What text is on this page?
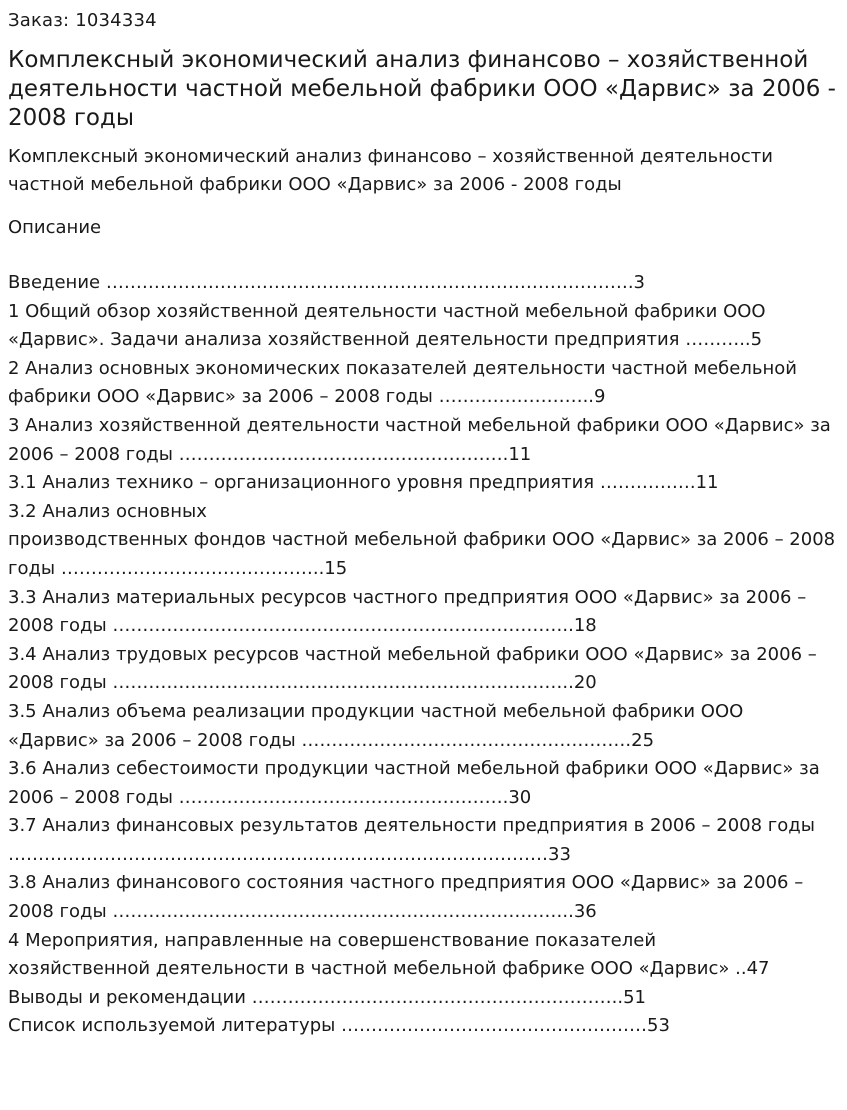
Заказ: 1034334
Комплексный экономический анализ финансово – хозяйственной деятельности частной мебельной фабрики ООО «Дарвис» за 2006 - 2008 годы
Комплексный экономический анализ финансово – хозяйственной деятельности частной мебельной фабрики ООО «Дарвис» за 2006 - 2008 годы
Описание
Введение …………………………………………………………………………….3
1 Общий обзор хозяйственной деятельности частной мебельной фабрики ООО «Дарвис». Задачи анализа хозяйственной деятельности предприятия ………..5
2 Анализ основных экономических показателей деятельности частной мебельной фабрики ООО «Дарвис» за 2006 – 2008 годы ……………………..9
3 Анализ хозяйственной деятельности частной мебельной фабрики ООО «Дарвис» за 2006 – 2008 годы ……………………………………………….11
3.1 Анализ технико – организационного уровня предприятия …………….11
3.2 Анализ основных
производственных фондов частной мебельной фабрики ООО «Дарвис» за 2006 – 2008 годы ……………………………………..15
3.3 Анализ материальных ресурсов частного предприятия ООО «Дарвис» за 2006 – 2008 годы …………………………………………………………………..18
3.4 Анализ трудовых ресурсов частной мебельной фабрики ООО «Дарвис» за 2006 – 2008 годы …………………………………………………………………..20
3.5 Анализ объема реализации продукции частной мебельной фабрики ООО «Дарвис» за 2006 – 2008 годы ……………………………………………….25
3.6 Анализ себестоимости продукции частной мебельной фабрики ООО «Дарвис» за 2006 – 2008 годы ……………………………………………….30
3.7 Анализ финансовых результатов деятельности предприятия в 2006 – 2008 годы ………………………………………………………………………………33
3.8 Анализ финансового состояния частного предприятия ООО «Дарвис» за 2006 – 2008 годы …………………………………………………………………..36
4 Мероприятия, направленные на совершенствование показателей
хозяйственной деятельности в частной мебельной фабрике ООО «Дарвис» ..47
Выводы и рекомендации ……………………………………………………..51
Список используемой литературы ……………………………………………53
